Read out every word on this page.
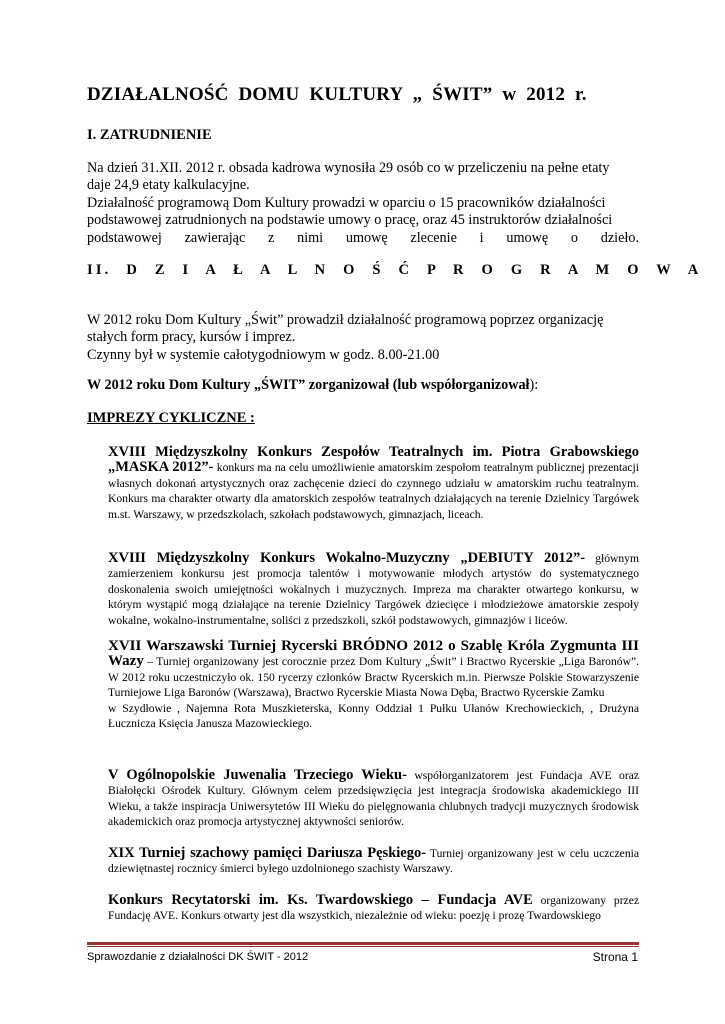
DZIAŁALNOŚĆ DOMU KULTURY „ ŚWIT” w 2012 r.
I. ZATRUDNIENIE
Na dzień 31.XII. 2012 r. obsada kadrowa wynosiła 29 osób co w przeliczeniu na pełne etaty
daje 24,9 etaty kalkulacyjne.
Działalność programową Dom Kultury prowadzi w oparciu o 15 pracowników działalności
podstawowej zatrudnionych na podstawie umowy o pracę, oraz 45 instruktorów działalności
podstawowej zawierając z nimi umowę zlecenie i umowę o dzieło.
II. D Z I A Ł A L N O Ś Ć P R O G R A M O W A
W 2012 roku Dom Kultury „Świt” prowadził działalność programową poprzez organizację
stałych form pracy, kursów i imprez.
Czynny był w systemie całotygodniowym w godz. 8.00-21.00
W 2012 roku Dom Kultury „ŚWIT” zorganizował (lub współorganizował):
IMPREZY CYKLICZNE :
XVIII Międzyszkolny Konkurs Zespołów Teatralnych im. Piotra Grabowskiego „MASKA 2012”- konkurs ma na celu umożliwienie amatorskim zespołom teatralnym publicznej prezentacji własnych dokonań artystycznych oraz zachęcenie dzieci do czynnego udziału w amatorskim ruchu teatralnym. Konkurs ma charakter otwarty dla amatorskich zespołów teatralnych działających na terenie Dzielnicy Targówek m.st. Warszawy, w przedszkolach, szkołach podstawowych, gimnazjach, liceach.
XVIII Międzyszkolny Konkurs Wokalno-Muzyczny „DEBIUTY 2012”- głównym zamierzeniem konkursu jest promocja talentów i motywowanie młodych artystów do systematycznego doskonalenia swoich umiejętności wokalnych i muzycznych. Impreza ma charakter otwartego konkursu, w którym wystąpić mogą działające na terenie Dzielnicy Targówek dziecięce i młodzieżowe amatorskie zespoły wokalne, wokalno-instrumentalne, soliści z przedszkoli, szkół podstawowych, gimnazjów i liceów.
XVII Warszawski Turniej Rycerski BRÓDNO 2012 o Szablę Króla Zygmunta III Wazy – Turniej organizowany jest corocznie przez Dom Kultury „Świt” i Bractwo Rycerskie „Liga Baronów”. W 2012 roku uczestniczyło ok. 150 rycerzy członków Bractw Rycerskich m.in. Pierwsze Polskie Stowarzyszenie Turniejowe Liga Baronów (Warszawa), Bractwo Rycerskie Miasta Nowa Dęba, Bractwo Rycerskie Zamku
w Szydłowie , Najemna Rota Muszkieterska, Konny Oddział 1 Pułku Ułanów Krechowieckich, , Drużyna Łucznicza Księcia Janusza Mazowieckiego.
V Ogólnopolskie Juwenalia Trzeciego Wieku- współorganizatorem jest Fundacja AVE oraz Białołęcki Ośrodek Kultury. Głównym celem przedsięwzięcia jest integracja środowiska akademickiego III Wieku, a także inspiracja Uniwersytetów III Wieku do pielęgnowania chlubnych tradycji muzycznych środowisk akademickich oraz promocja artystycznej aktywności seniorów.
XIX Turniej szachowy pamięci Dariusza Pęskiego- Turniej organizowany jest w celu uczczenia dziewiętnastej rocznicy śmierci byłego uzdolnionego szachisty Warszawy.
Konkurs Recytatorski im. Ks. Twardowskiego – Fundacja AVE organizowany przez Fundację AVE. Konkurs otwarty jest dla wszystkich, niezależnie od wieku: poezję i prozę Twardowskiego
Sprawozdanie z działalności DK ŚWIT - 2012	Strona 1
